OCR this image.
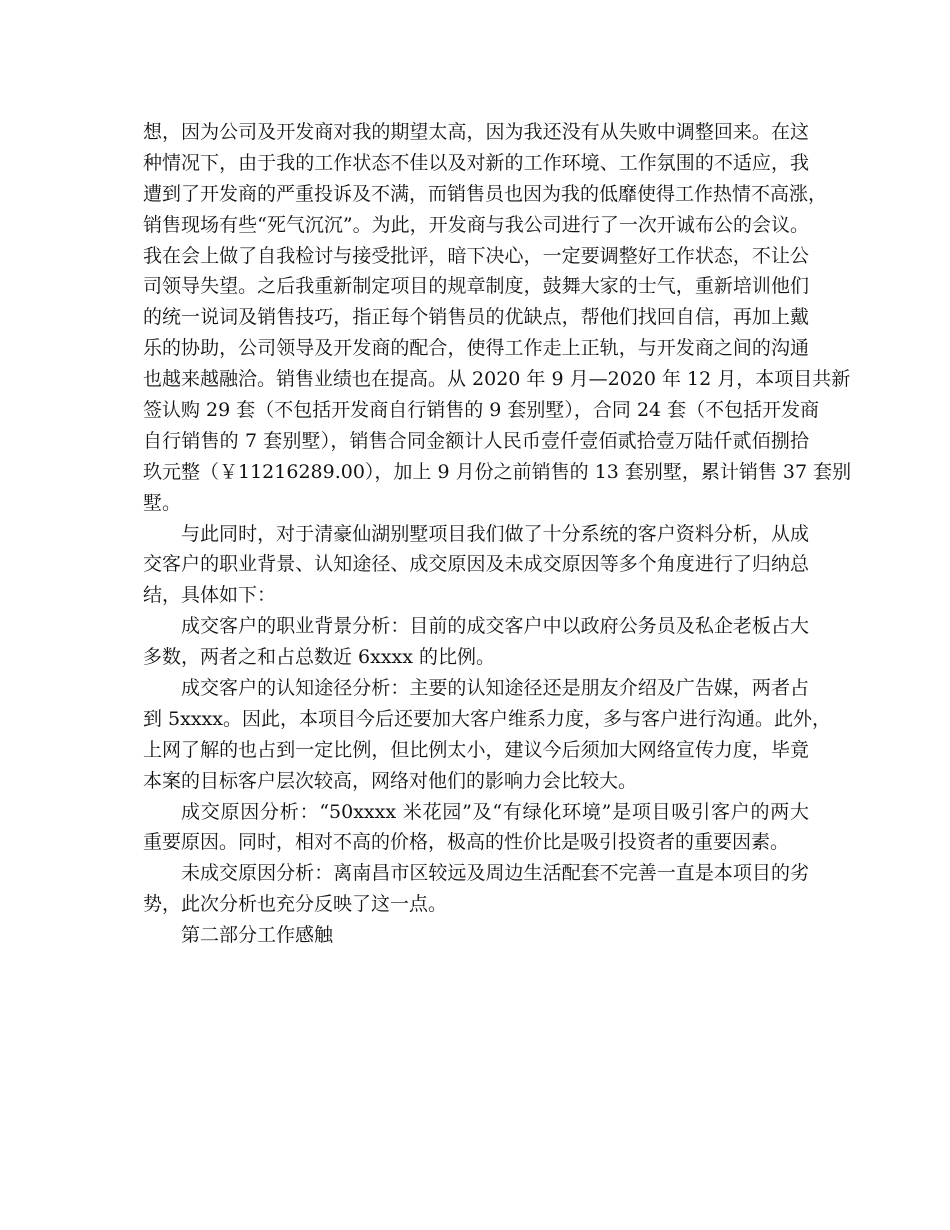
想，因为公司及开发商对我的期望太高，因为我还没有从失败中调整回来。在这
种情况下，由于我的工作状态不佳以及对新的工作环境、工作氛围的不适应，我
遭到了开发商的严重投诉及不满，而销售员也因为我的低靡使得工作热情不高涨，
销售现场有些“死气沉沉”。为此，开发商与我公司进行了一次开诚布公的会议。
我在会上做了自我检讨与接受批评，暗下决心，一定要调整好工作状态，不让公
司领导失望。之后我重新制定项目的规章制度，鼓舞大家的士气，重新培训他们
的统一说词及销售技巧，指正每个销售员的优缺点，帮他们找回自信，再加上戴
乐的协助，公司领导及开发商的配合，使得工作走上正轨，与开发商之间的沟通
也越来越融洽。销售业绩也在提高。从 2020 年 9 月—2020 年 12 月，本项目共新
签认购 29 套（不包括开发商自行销售的 9 套别墅），合同 24 套（不包括开发商
自行销售的 7 套别墅），销售合同金额计人民币壹仟壹佰贰拾壹万陆仟贰佰捌拾
玖元整（￥11216289.00），加上 9 月份之前销售的 13 套别墅，累计销售 37 套别
墅。
与此同时，对于清豪仙湖别墅项目我们做了十分系统的客户资料分析，从成
交客户的职业背景、认知途径、成交原因及未成交原因等多个角度进行了归纳总
结，具体如下：
成交客户的职业背景分析：目前的成交客户中以政府公务员及私企老板占大
多数，两者之和占总数近 6xxxx 的比例。
成交客户的认知途径分析：主要的认知途径还是朋友介绍及广告媒，两者占
到 5xxxx。因此，本项目今后还要加大客户维系力度，多与客户进行沟通。此外，
上网了解的也占到一定比例，但比例太小，建议今后须加大网络宣传力度，毕竟
本案的目标客户层次较高，网络对他们的影响力会比较大。
成交原因分析：“50xxxx 米花园”及“有绿化环境”是项目吸引客户的两大
重要原因。同时，相对不高的价格，极高的性价比是吸引投资者的重要因素。
未成交原因分析：离南昌市区较远及周边生活配套不完善一直是本项目的劣
势，此次分析也充分反映了这一点。
第二部分工作感触
